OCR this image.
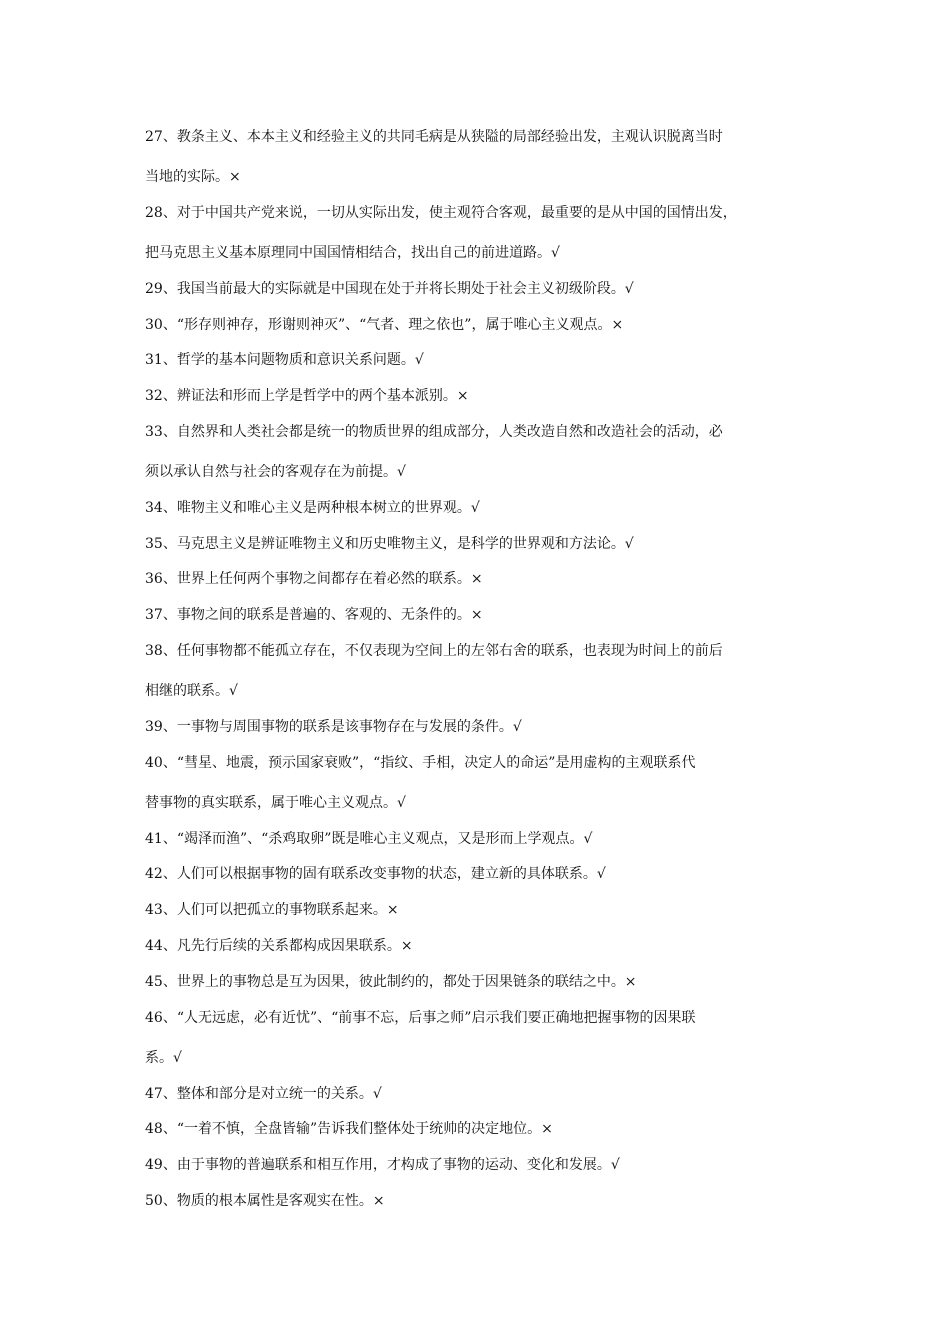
27、教条主义、本本主义和经验主义的共同毛病是从狭隘的局部经验出发，主观认识脱离当时
当地的实际。×
28、对于中国共产党来说，一切从实际出发，使主观符合客观，最重要的是从中国的国情出发，
把马克思主义基本原理同中国国情相结合，找出自己的前进道路。√
29、我国当前最大的实际就是中国现在处于并将长期处于社会主义初级阶段。√
30、“形存则神存，形谢则神灭”、“气者、理之依也”，属于唯心主义观点。×
31、哲学的基本问题物质和意识关系问题。√
32、辨证法和形而上学是哲学中的两个基本派别。×
33、自然界和人类社会都是统一的物质世界的组成部分，人类改造自然和改造社会的活动，必
须以承认自然与社会的客观存在为前提。√
34、唯物主义和唯心主义是两种根本树立的世界观。√
35、马克思主义是辨证唯物主义和历史唯物主义，是科学的世界观和方法论。√
36、世界上任何两个事物之间都存在着必然的联系。×
37、事物之间的联系是普遍的、客观的、无条件的。×
38、任何事物都不能孤立存在，不仅表现为空间上的左邻右舍的联系，也表现为时间上的前后
相继的联系。√
39、一事物与周围事物的联系是该事物存在与发展的条件。√
40、“彗星、地震，预示国家衰败”，“指纹、手相，决定人的命运”是用虚构的主观联系代
替事物的真实联系，属于唯心主义观点。√
41、“竭泽而渔”、“杀鸡取卵”既是唯心主义观点，又是形而上学观点。√
42、人们可以根据事物的固有联系改变事物的状态，建立新的具体联系。√
43、人们可以把孤立的事物联系起来。×
44、凡先行后续的关系都构成因果联系。×
45、世界上的事物总是互为因果，彼此制约的，都处于因果链条的联结之中。×
46、“人无远虑，必有近忧”、“前事不忘，后事之师”启示我们要正确地把握事物的因果联
系。√
47、整体和部分是对立统一的关系。√
48、“一着不慎，全盘皆输”告诉我们整体处于统帅的决定地位。×
49、由于事物的普遍联系和相互作用，才构成了事物的运动、变化和发展。√
50、物质的根本属性是客观实在性。×
